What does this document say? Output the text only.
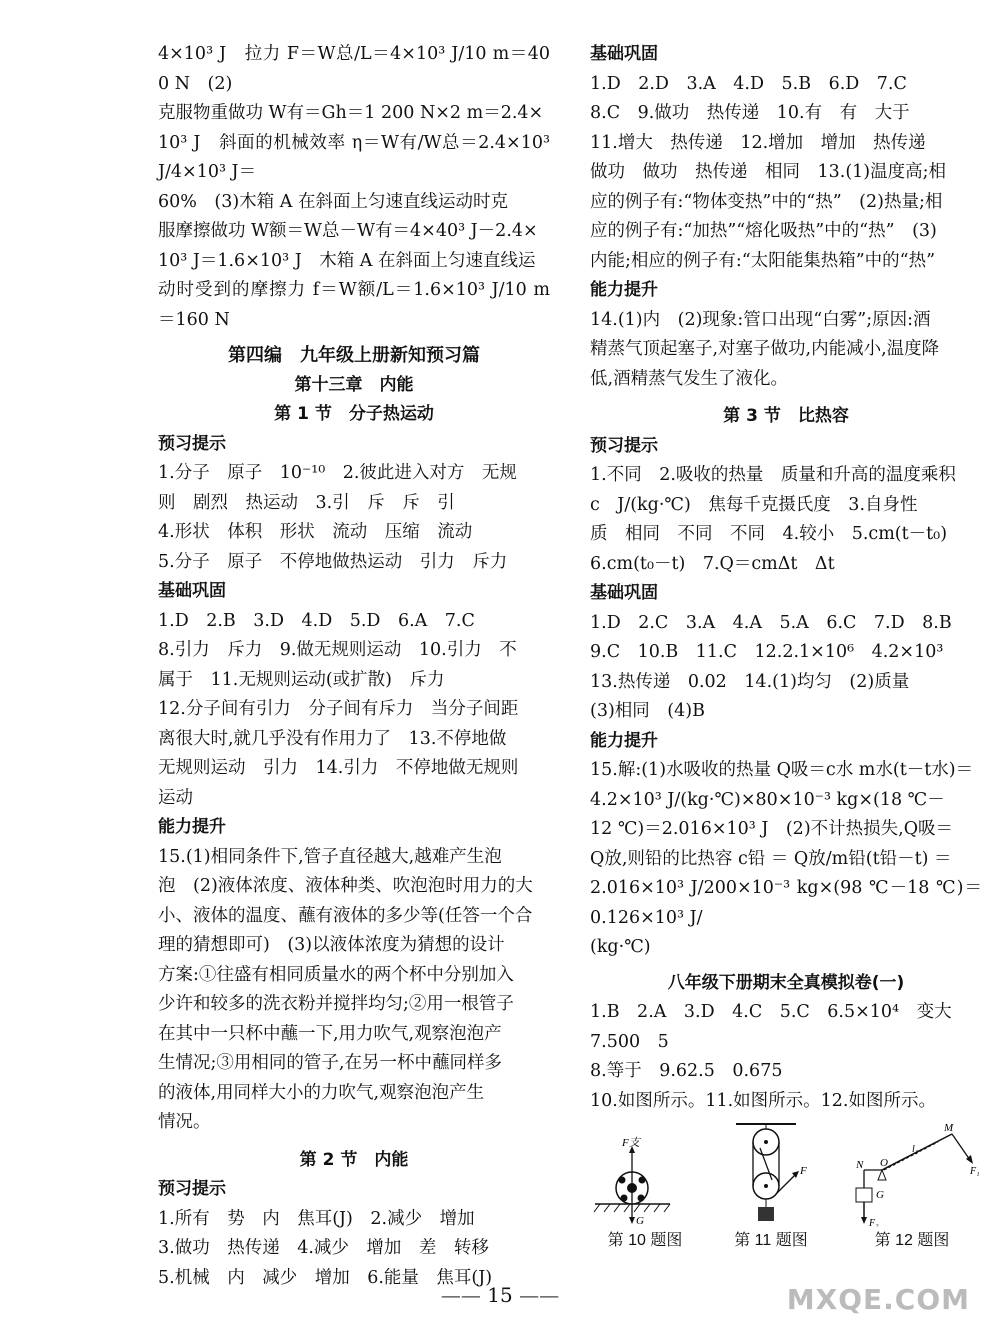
4×10³ J　拉力 F＝W总/L＝4×10³ J/10 m＝400 N　(2)

克服物重做功 W有＝Gh＝1 200 N×2 m＝2.4×

10³ J　斜面的机械效率 η＝W有/W总＝2.4×10³ J/4×10³ J＝

60%　(3)木箱 A 在斜面上匀速直线运动时克

服摩擦做功 W额＝W总－W有＝4×40³ J－2.4×

10³ J＝1.6×10³ J　木箱 A 在斜面上匀速直线运

动时受到的摩擦力 f＝W额/L＝1.6×10³ J/10 m＝160 N

第四编　九年级上册新知预习篇

第十三章　内能

第 1 节　分子热运动

预习提示

1.分子　原子　10⁻¹⁰　2.彼此进入对方　无规

则　剧烈　热运动　3.引　斥　斥　引

4.形状　体积　形状　流动　压缩　流动

5.分子　原子　不停地做热运动　引力　斥力

基础巩固

1.D　2.B　3.D　4.D　5.D　6.A　7.C

8.引力　斥力　9.做无规则运动　10.引力　不

属于　11.无规则运动(或扩散)　斥力

12.分子间有引力　分子间有斥力　当分子间距

离很大时,就几乎没有作用力了　13.不停地做

无规则运动　引力　14.引力　不停地做无规则

运动

能力提升

15.(1)相同条件下,管子直径越大,越难产生泡

泡　(2)液体浓度、液体种类、吹泡泡时用力的大

小、液体的温度、蘸有液体的多少等(任答一个合

理的猜想即可)　(3)以液体浓度为猜想的设计

方案:①往盛有相同质量水的两个杯中分别加入

少许和较多的洗衣粉并搅拌均匀;②用一根管子

在其中一只杯中蘸一下,用力吹气,观察泡泡产

生情况;③用相同的管子,在另一杯中蘸同样多

的液体,用同样大小的力吹气,观察泡泡产生

情况。

第 2 节　内能

预习提示

1.所有　势　内　焦耳(J)　2.减少　增加

3.做功　热传递　4.减少　增加　差　转移

5.机械　内　减少　增加　6.能量　焦耳(J)

基础巩固

1.D　2.D　3.A　4.D　5.B　6.D　7.C

8.C　9.做功　热传递　10.有　有　大于

11.增大　热传递　12.增加　增加　热传递

做功　做功　热传递　相同　13.(1)温度高;相

应的例子有:“物体变热”中的“热”　(2)热量;相

应的例子有:“加热”“熔化吸热”中的“热”　(3)

内能;相应的例子有:“太阳能集热箱”中的“热”

能力提升

14.(1)内　(2)现象:管口出现“白雾”;原因:酒

精蒸气顶起塞子,对塞子做功,内能减小,温度降

低,酒精蒸气发生了液化。

第 3 节　比热容

预习提示

1.不同　2.吸收的热量　质量和升高的温度乘积

c　J/(kg·℃)　焦每千克摄氏度　3.自身性

质　相同　不同　不同　4.较小　5.cm(t－t₀)

6.cm(t₀－t)　7.Q＝cmΔt　Δt

基础巩固

1.D　2.C　3.A　4.A　5.A　6.C　7.D　8.B

9.C　10.B　11.C　12.2.1×10⁶　4.2×10³

13.热传递　0.02　14.(1)均匀　(2)质量

(3)相同　(4)B

能力提升

15.解:(1)水吸收的热量 Q吸＝c水 m水(t－t水)＝

4.2×10³ J/(kg·℃)×80×10⁻³ kg×(18 ℃－

12 ℃)＝2.016×10³ J　(2)不计热损失,Q吸＝

Q放,则铅的比热容 c铅 ＝ Q放/m铅(t铅－t) ＝

2.016×10³ J/200×10⁻³ kg×(98 ℃－18 ℃)＝0.126×10³ J/

(kg·℃)

八年级下册期末全真模拟卷(一)

1.B　2.A　3.D　4.C　5.C　6.5×10⁴　变大

7.500　5

8.等于　9.62.5　0.675

10.如图所示。11.如图所示。12.如图所示。

F支
G
第 10 题图
F
第 11 题图
M
l₁
F₁
N O
G
F₂
第 12 题图
—— 15 ——	MXQE.COM
